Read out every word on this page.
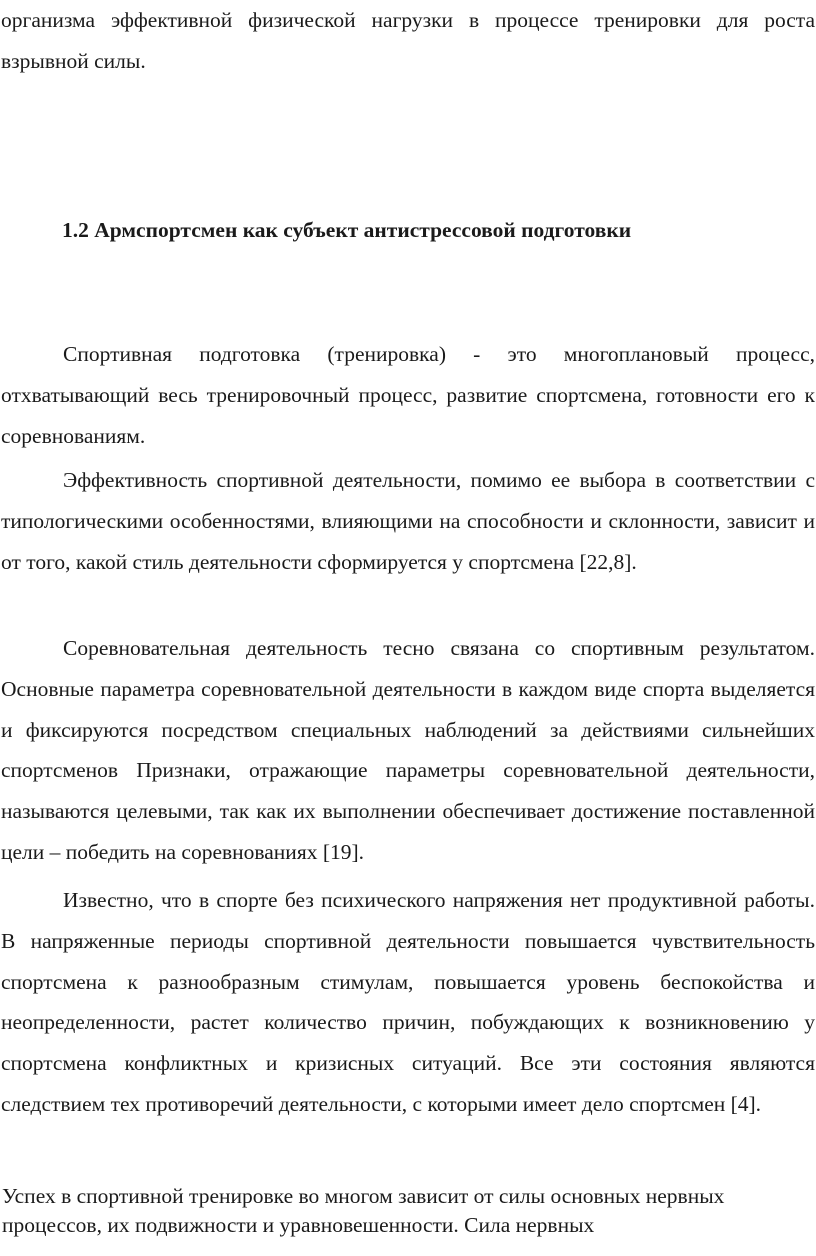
организма эффективной физической нагрузки в процессе тренировки для роста взрывной силы.

1.2 Армспортсмен как субъект антистрессовой подготовки

Спортивная подготовка (тренировка) - это многоплановый процесс, отхватывающий весь тренировочный процесс, развитие спортсмена, готовности его к соревнованиям.

Эффективность спортивной деятельности, помимо ее выбора в соответствии с типологическими особенностями, влияющими на способности и склонности, зависит и от того, какой стиль деятельности сформируется у спортсмена [22,8].

Соревновательная деятельность тесно связана со спортивным результатом. Основные параметра соревновательной деятельности в каждом виде спорта выделяется и фиксируются посредством специальных наблюдений за действиями сильнейших спортсменов Признаки, отражающие параметры соревновательной деятельности, называются целевыми, так как их выполнении обеспечивает достижение поставленной цели – победить на соревнованиях [19].

Известно, что в спорте без психического напряжения нет продуктивной работы. В напряженные периоды спортивной деятельности повышается чувствительность спортсмена к разнообразным стимулам, повышается уровень беспокойства и неопределенности, растет количество причин, побуждающих к возникновению у спортсмена конфликтных и кризисных ситуаций. Все эти состояния являются следствием тех противоречий деятельности, с которыми имеет дело спортсмен [4].

Успех в спортивной тренировке во многом зависит от силы основных нервных процессов, их подвижности и уравновешенности. Сила нервных
